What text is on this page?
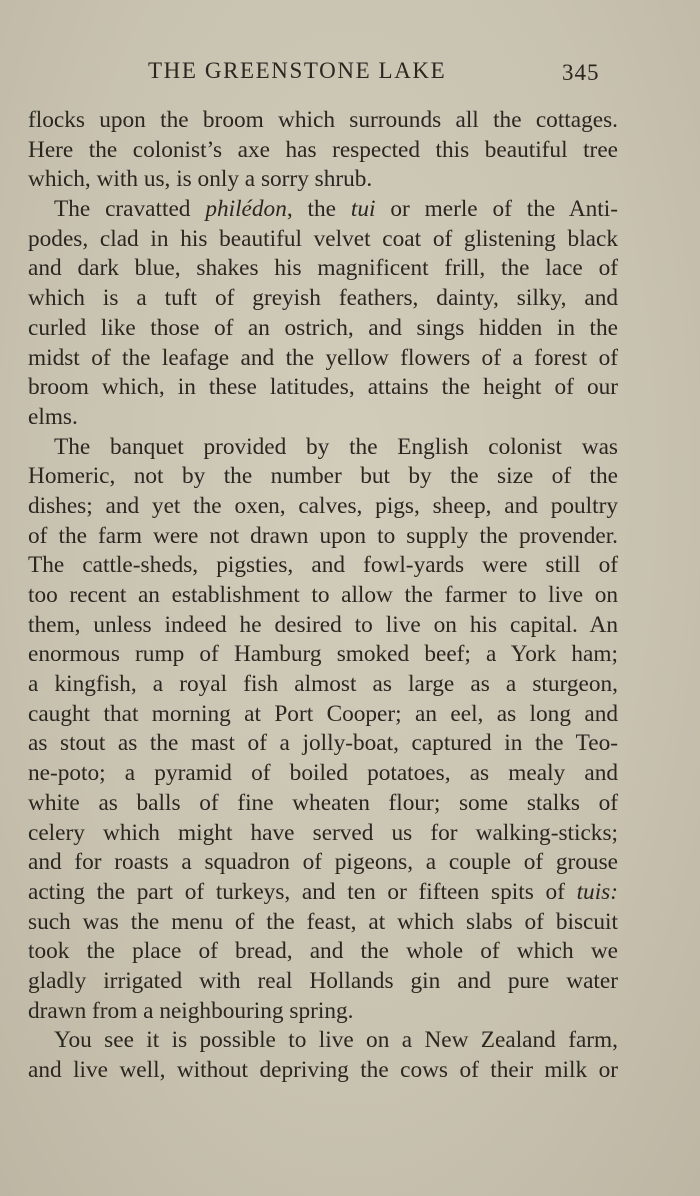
THE GREENSTONE LAKE	345
flocks upon the broom which surrounds all the cottages.
Here the colonist’s axe has respected this beautiful tree
which, with us, is only a sorry shrub.
The cravatted philédon, the tui or merle of the Anti-
podes, clad in his beautiful velvet coat of glistening black
and dark blue, shakes his magnificent frill, the lace of
which is a tuft of greyish feathers, dainty, silky, and
curled like those of an ostrich, and sings hidden in the
midst of the leafage and the yellow flowers of a forest of
broom which, in these latitudes, attains the height of our
elms.
The banquet provided by the English colonist was
Homeric, not by the number but by the size of the
dishes; and yet the oxen, calves, pigs, sheep, and poultry
of the farm were not drawn upon to supply the provender.
The cattle-sheds, pigsties, and fowl-yards were still of
too recent an establishment to allow the farmer to live on
them, unless indeed he desired to live on his capital. An
enormous rump of Hamburg smoked beef; a York ham;
a kingfish, a royal fish almost as large as a sturgeon,
caught that morning at Port Cooper; an eel, as long and
as stout as the mast of a jolly-boat, captured in the Teo-
ne-poto; a pyramid of boiled potatoes, as mealy and
white as balls of fine wheaten flour; some stalks of
celery which might have served us for walking-sticks;
and for roasts a squadron of pigeons, a couple of grouse
acting the part of turkeys, and ten or fifteen spits of tuis:
such was the menu of the feast, at which slabs of biscuit
took the place of bread, and the whole of which we
gladly irrigated with real Hollands gin and pure water
drawn from a neighbouring spring.
You see it is possible to live on a New Zealand farm,
and live well, without depriving the cows of their milk or
